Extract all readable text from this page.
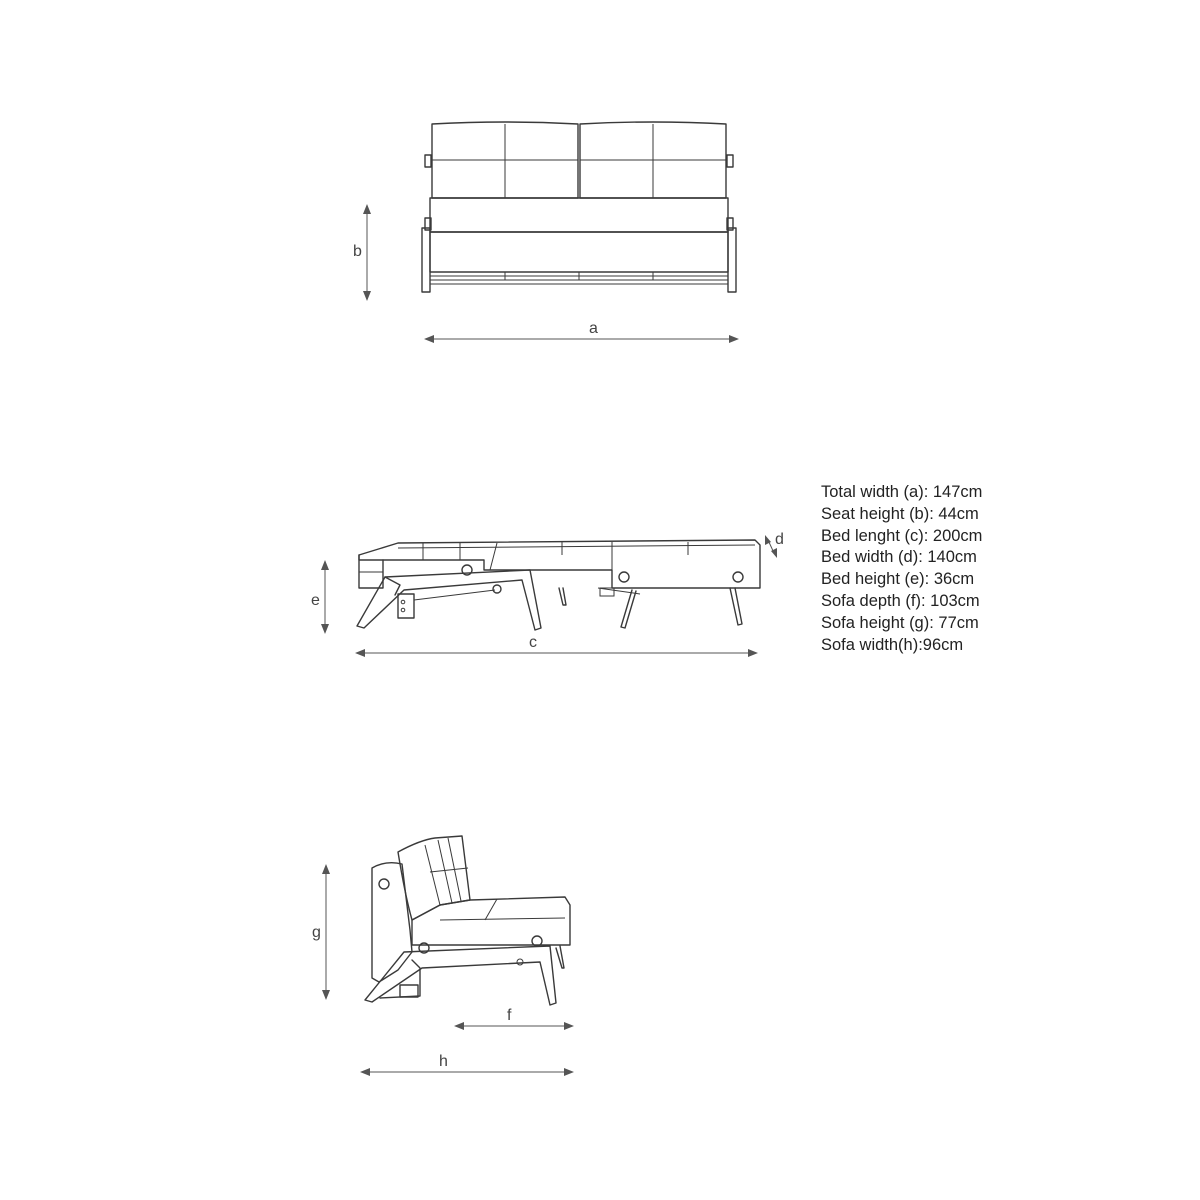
b
a
e
c
d
g
f
h
Total width (a): 147cm
Seat height (b): 44cm
Bed lenght (c): 200cm
Bed width (d): 140cm
Bed height (e): 36cm
Sofa depth (f): 103cm
Sofa height (g): 77cm
Sofa width(h):96cm
